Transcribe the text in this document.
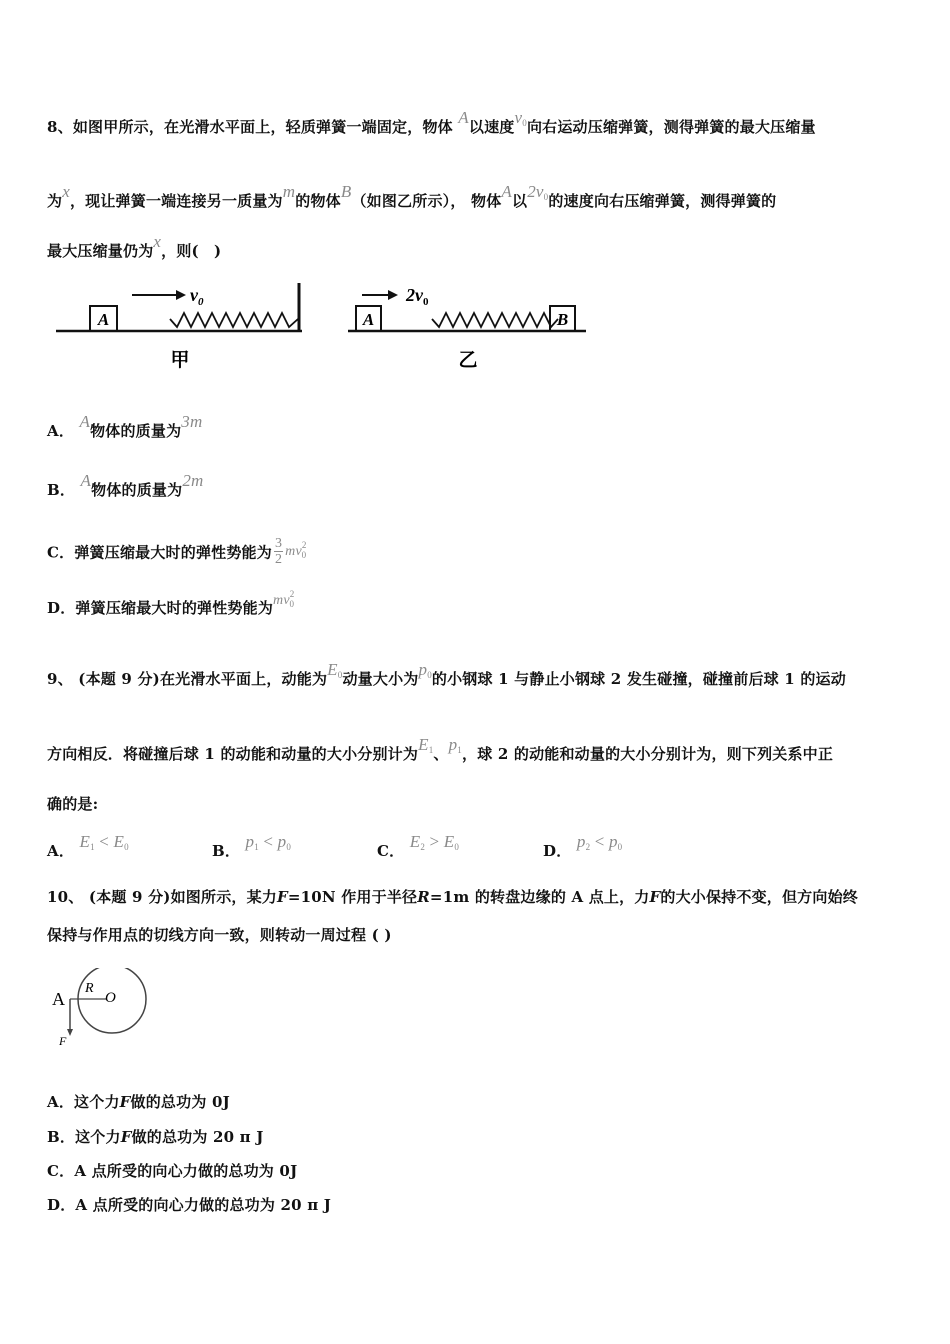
8、如图甲所示，在光滑水平面上，轻质弹簧一端固定，物体 A以速度$v_0$向右运动压缩弹簧，测得弹簧的最大压缩量
为x，现让弹簧一端连接另一质量为m的物体B（如图乙所示）， 物体A以$2v_0$的速度向右压缩弹簧，测得弹簧的
最大压缩量仍为x，则(　)
A
$v_0$
甲
A	B
$2v_0$
乙
A． A物体的质量为3m
B． A物体的质量为2m
C．弹簧压缩最大时的弹性势能为 $\frac{3}{2} mv^2_0$
D．弹簧压缩最大时的弹性势能为$mv^2_0$
9、 (本题 9 分)在光滑水平面上，动能为$E_0$动量大小为$p_0$的小钢球 1 与静止小钢球 2 发生碰撞，碰撞前后球 1 的运动
方向相反．将碰撞后球 1 的动能和动量的大小分别计为$E_1$、$p_1$，球 2 的动能和动量的大小分别计为，则下列关系中正
确的是:
A． $E_1 < E_0$	B． $p_1 < p_0$	C． $E_2 > E_0$	D． $p_2 < p_0$
10、 (本题 9 分)如图所示，某力F=10N 作用于半径R=1m 的转盘边缘的 A 点上，力F的大小保持不变，但方向始终
保持与作用点的切线方向一致，则转动一周过程 ( )
A
R
O
F
A．这个力F做的总功为 0J
B．这个力F做的总功为 20 π J
C．A 点所受的向心力做的总功为 0J
D．A 点所受的向心力做的总功为 20 π J
